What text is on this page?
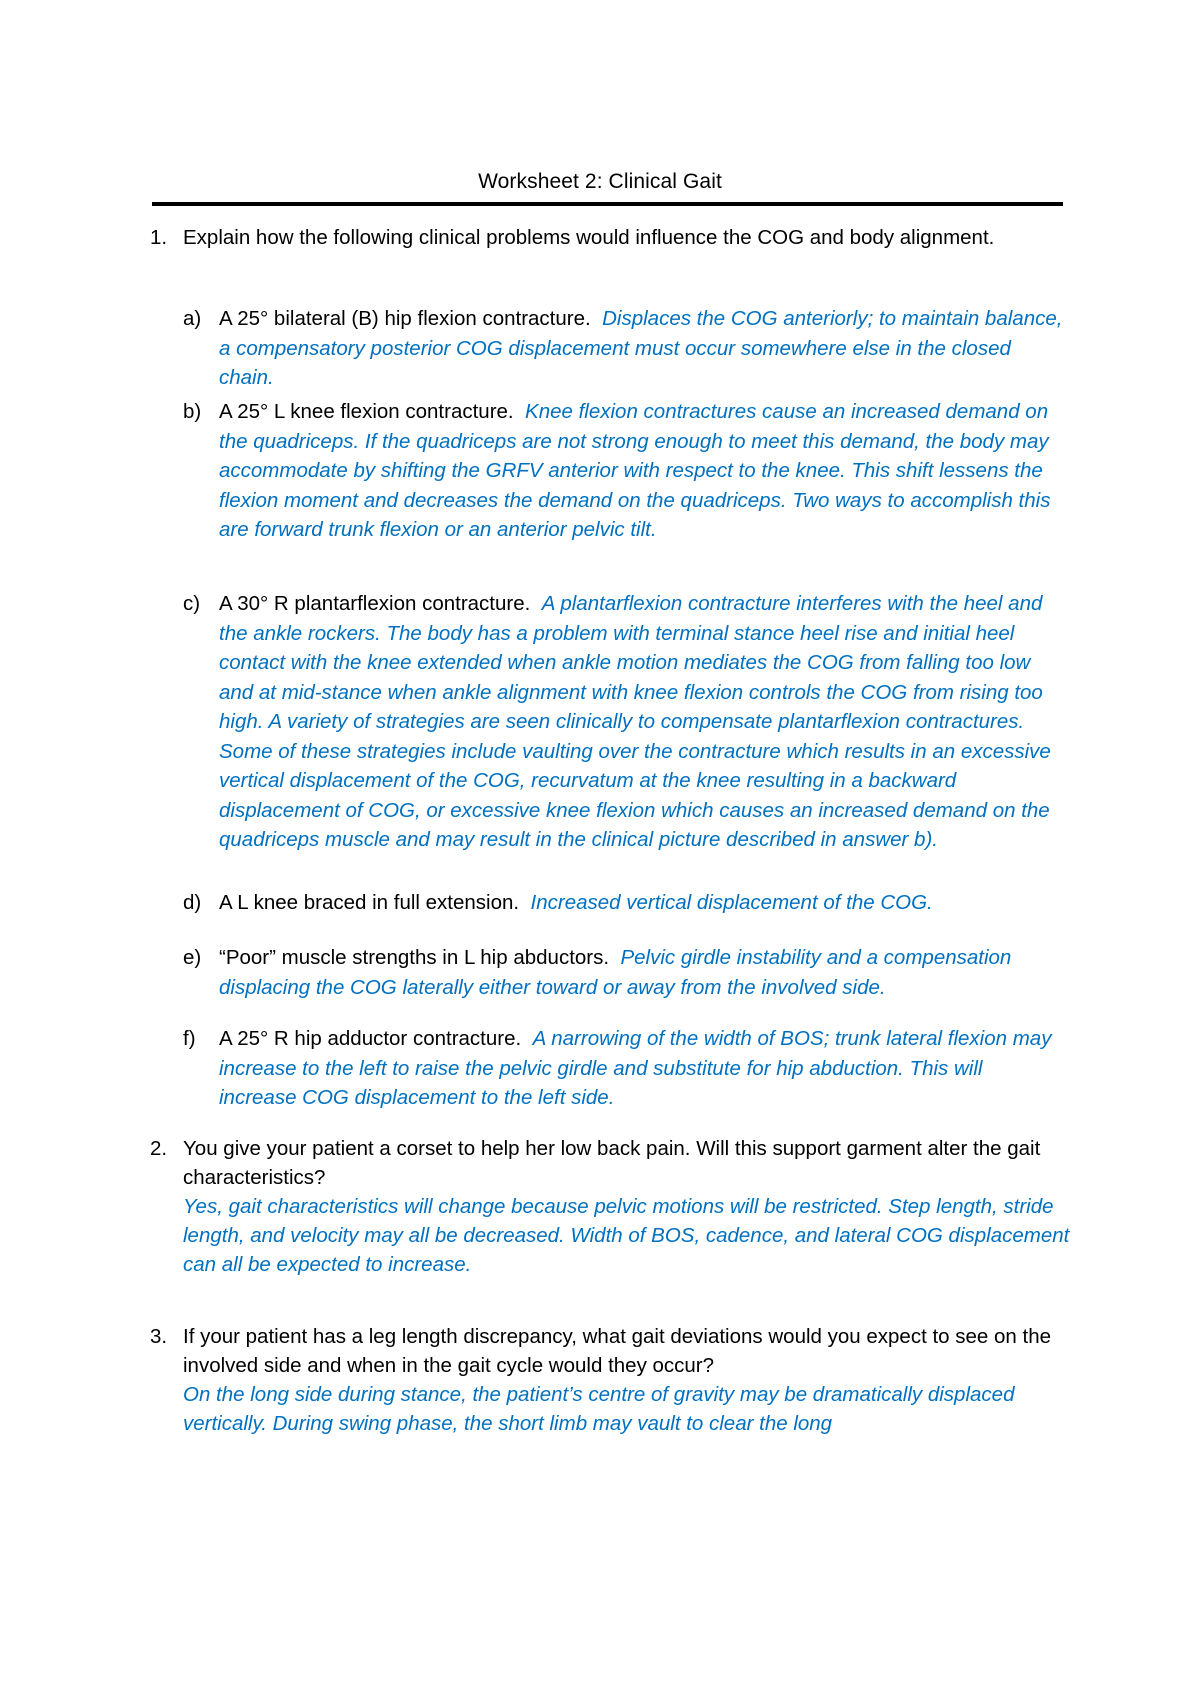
Worksheet 2: Clinical Gait
1. Explain how the following clinical problems would influence the COG and body alignment.
a) A 25° bilateral (B) hip flexion contracture. Displaces the COG anteriorly; to maintain balance, a compensatory posterior COG displacement must occur somewhere else in the closed chain.
b) A 25° L knee flexion contracture. Knee flexion contractures cause an increased demand on the quadriceps. If the quadriceps are not strong enough to meet this demand, the body may accommodate by shifting the GRFV anterior with respect to the knee. This shift lessens the flexion moment and decreases the demand on the quadriceps. Two ways to accomplish this are forward trunk flexion or an anterior pelvic tilt.
c) A 30° R plantarflexion contracture. A plantarflexion contracture interferes with the heel and the ankle rockers. The body has a problem with terminal stance heel rise and initial heel contact with the knee extended when ankle motion mediates the COG from falling too low and at mid-stance when ankle alignment with knee flexion controls the COG from rising too high. A variety of strategies are seen clinically to compensate plantarflexion contractures. Some of these strategies include vaulting over the contracture which results in an excessive vertical displacement of the COG, recurvatum at the knee resulting in a backward displacement of COG, or excessive knee flexion which causes an increased demand on the quadriceps muscle and may result in the clinical picture described in answer b).
d) A L knee braced in full extension. Increased vertical displacement of the COG.
e) “Poor” muscle strengths in L hip abductors. Pelvic girdle instability and a compensation displacing the COG laterally either toward or away from the involved side.
f) A 25° R hip adductor contracture. A narrowing of the width of BOS; trunk lateral flexion may increase to the left to raise the pelvic girdle and substitute for hip abduction. This will increase COG displacement to the left side.
2. You give your patient a corset to help her low back pain. Will this support garment alter the gait characteristics?
Yes, gait characteristics will change because pelvic motions will be restricted. Step length, stride length, and velocity may all be decreased. Width of BOS, cadence, and lateral COG displacement can all be expected to increase.
3. If your patient has a leg length discrepancy, what gait deviations would you expect to see on the involved side and when in the gait cycle would they occur?
On the long side during stance, the patient’s centre of gravity may be dramatically displaced vertically. During swing phase, the short limb may vault to clear the long
